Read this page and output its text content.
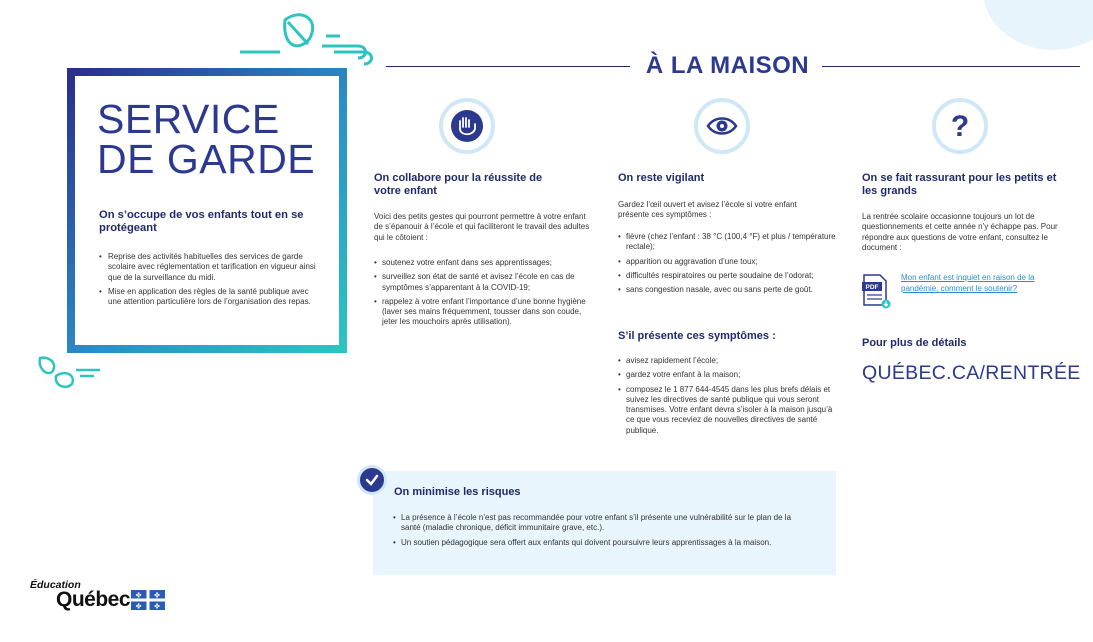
SERVICE
DE GARDE

On s’occupe de vos enfants tout en se protégeant

• Reprise des activités habituelles des services de garde scolaire avec réglementation et tarification en vigueur ainsi que de la surveillance du midi.
• Mise en application des règles de la santé publique avec une attention particulière lors de l’organisation des repas.
À LA MAISON
On collabore pour la réussite de votre enfant

Voici des petits gestes qui pourront permettre à votre enfant de s’épanouir à l’école et qui faciliteront le travail des adultes qui le côtoient :

• soutenez votre enfant dans ses apprentissages;
• surveillez son état de santé et avisez l’école en cas de symptômes s’apparentant à la COVID-19;
• rappelez à votre enfant l’importance d’une bonne hygiène (laver ses mains fréquemment, tousser dans son coude, jeter les mouchoirs après utilisation).
On reste vigilant

Gardez l’œil ouvert et avisez l’école si votre enfant présente ces symptômes :

• fièvre (chez l’enfant : 38 °C (100,4 °F) et plus / température rectale);
• apparition ou aggravation d’une toux;
• difficultés respiratoires ou perte soudaine de l’odorat;
• sans congestion nasale, avec ou sans perte de goût.
S’il présente ces symptômes :
• avisez rapidement l’école;
• gardez votre enfant à la maison;
• composez le 1 877 644-4545 dans les plus brefs délais et suivez les directives de santé publique qui vous seront transmises. Votre enfant devra s’isoler à la maison jusqu’à ce que vous receviez de nouvelles directives de santé publique.
?
On se fait rassurant pour les petits et les grands

La rentrée scolaire occasionne toujours un lot de questionnements et cette année n’y échappe pas. Pour répondre aux questions de votre enfant, consultez le document :

PDF

Mon enfant est inquiet en raison de la pandémie, comment le soutenir?

Pour plus de détails

QUÉBEC.CA/RENTRÉE

On minimise les risques
• La présence à l’école n’est pas recommandée pour votre enfant s’il présente une vulnérabilité sur le plan de la santé (maladie chronique, déficit immunitaire grave, etc.).
• Un soutien pédagogique sera offert aux enfants qui doivent poursuivre leurs apprentissages à la maison.

Éducation

Québec ✤ ✤
✤ ✤
